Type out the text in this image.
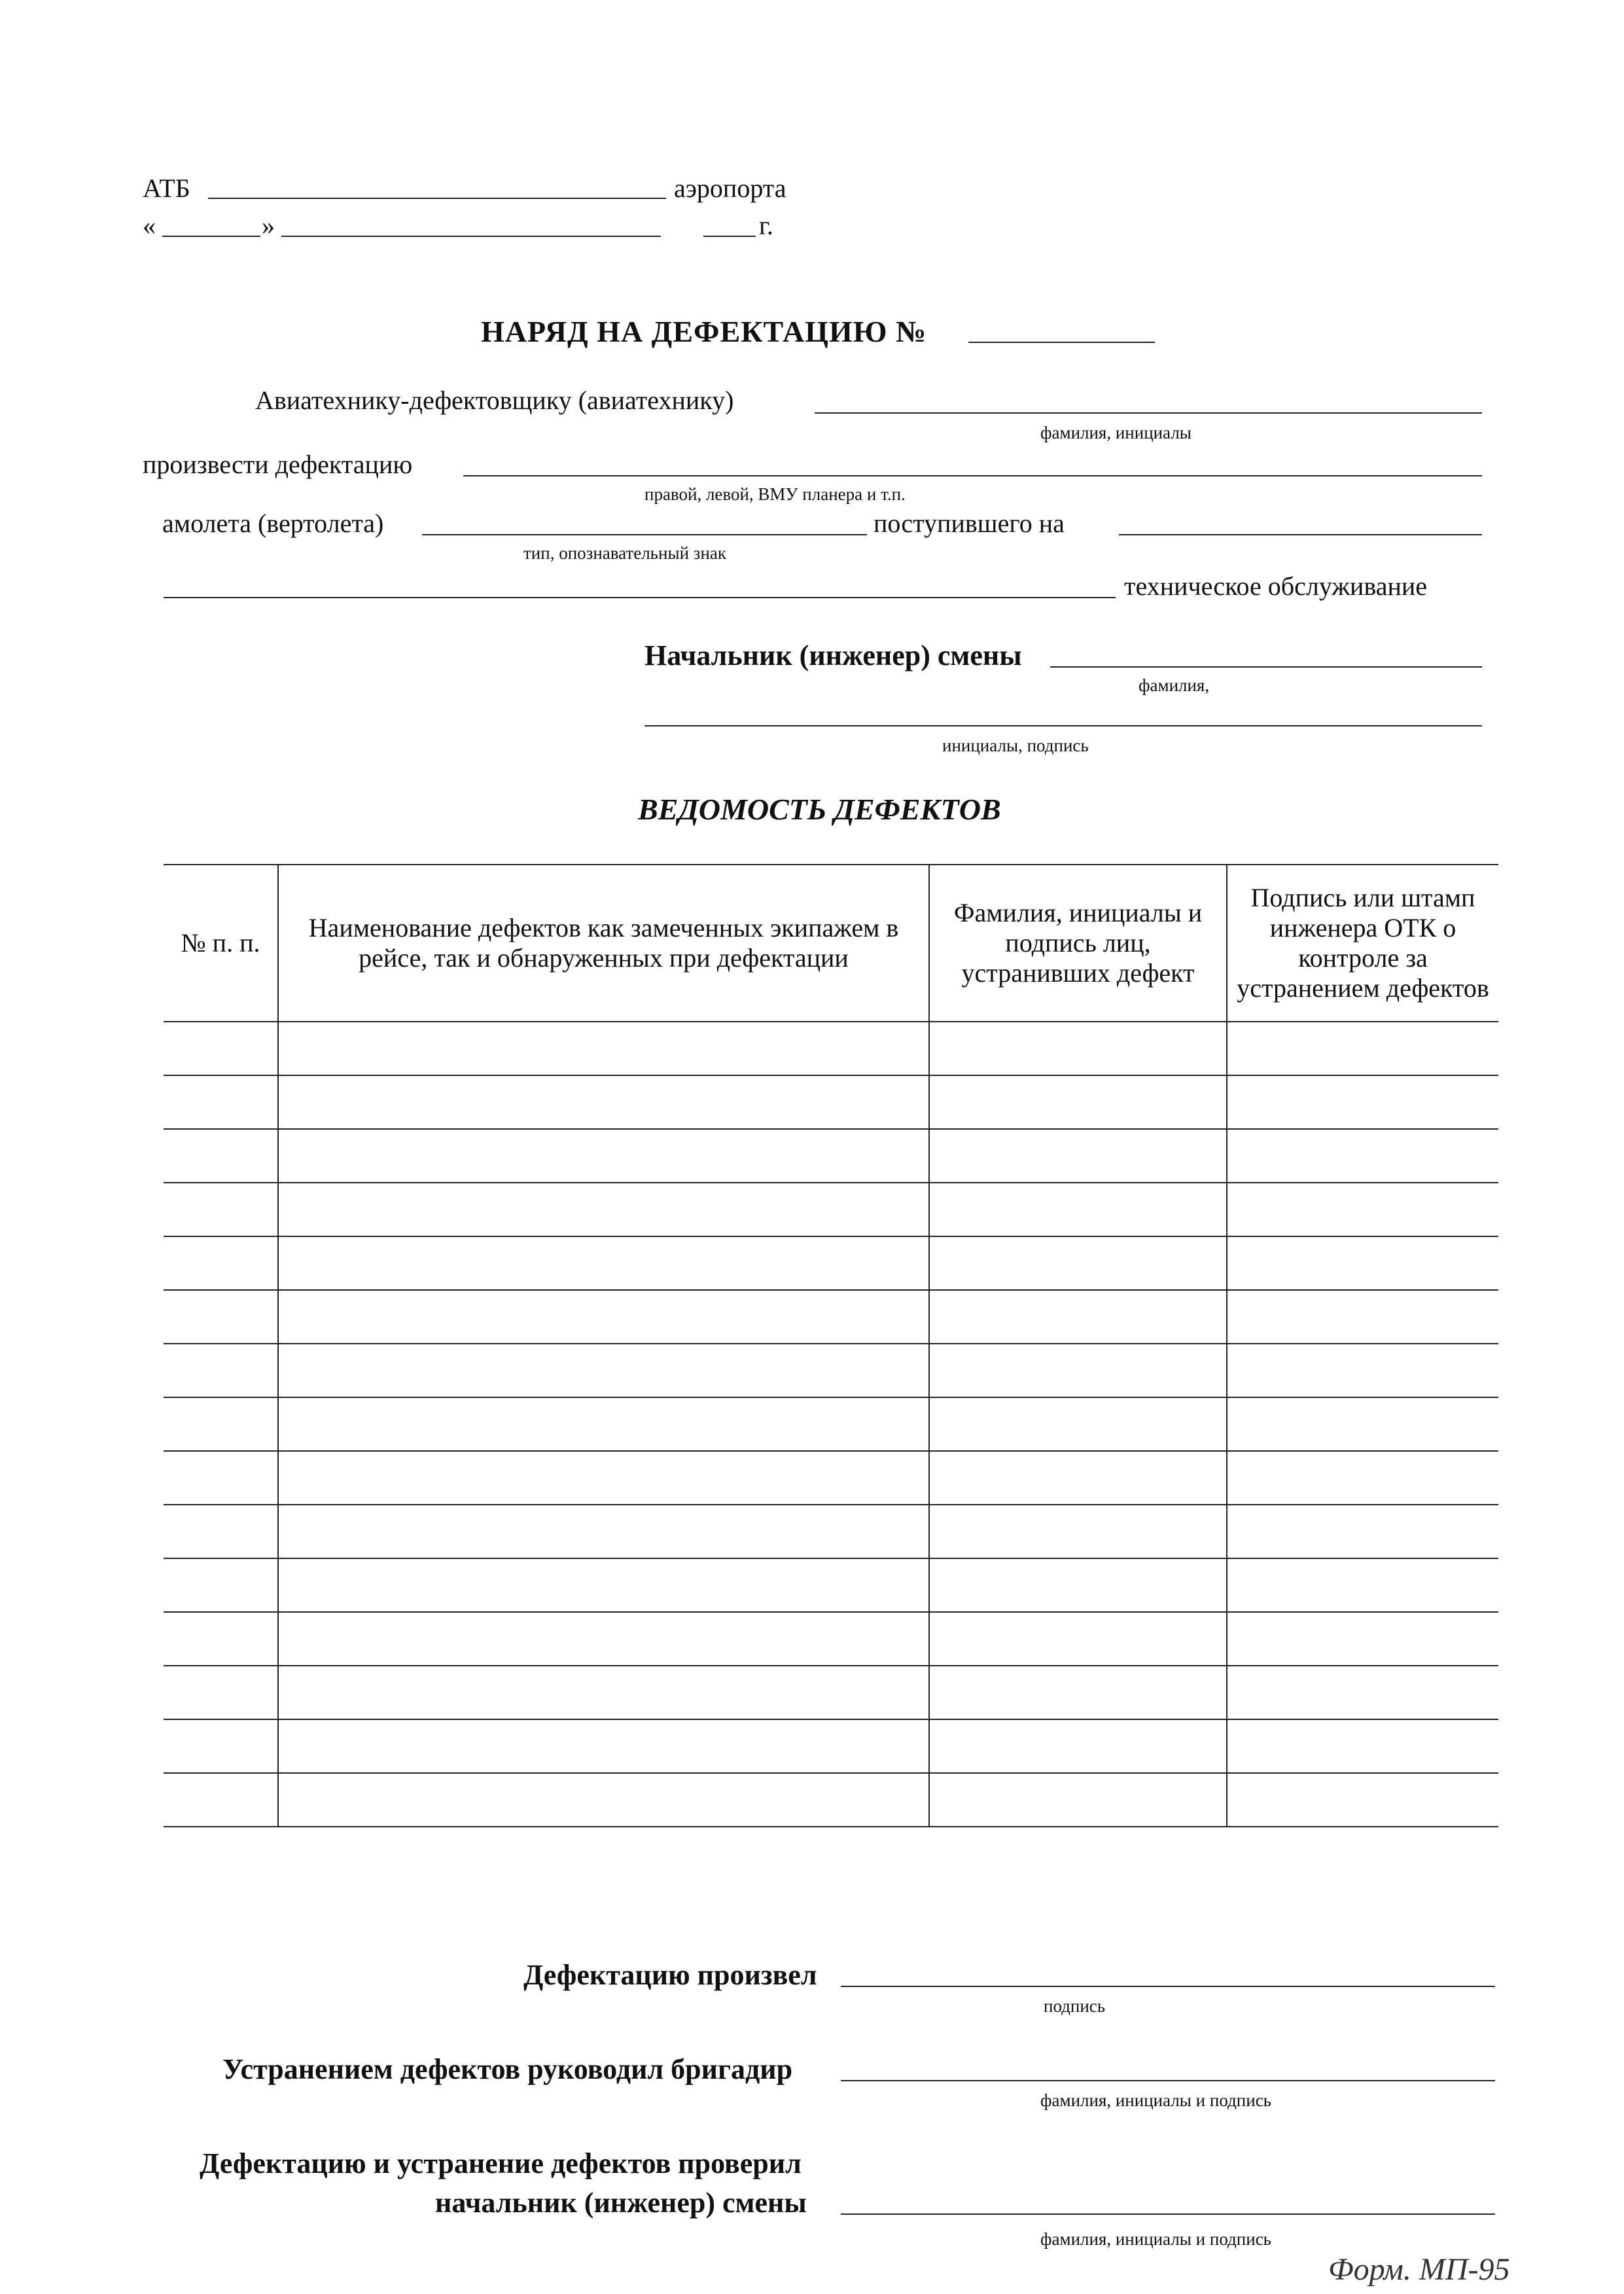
АТБ	аэропорта
«	»	г.
НАРЯД НА ДЕФЕКТАЦИЮ №
Авиатехнику-дефектовщику (авиатехнику)
фамилия, инициалы
произвести дефектацию
правой, левой, ВМУ планера и т.п.
амолета (вертолета)
тип, опознавательный знак
поступившего на
техническое обслуживание
Начальник (инженер) смены
фамилия,
инициалы, подпись
ВЕДОМОСТЬ ДЕФЕКТОВ
№ п. п.	Наименование дефектов как замеченных экипажем в рейсе, так и обнаруженных при дефектации	Фамилия, инициалы и подпись лиц, устранивших дефект	Подпись или штамп инженера ОТК о контроле за устранением дефектов

Дефектацию произвел
подпись
Устранением дефектов руководил бригадир
фамилия, инициалы и подпись
Дефектацию и устранение дефектов проверил
начальник (инженер) смены
фамилия, инициалы и подпись
Форм. МП-95
